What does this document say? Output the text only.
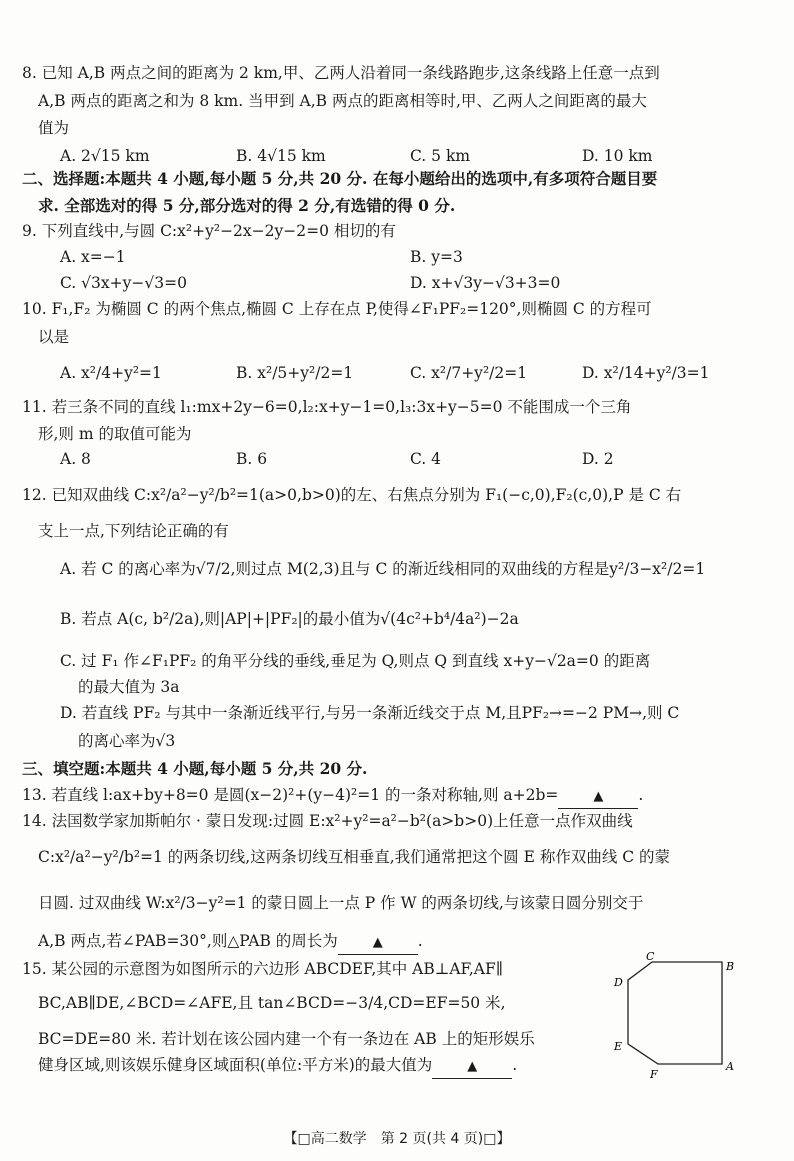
8. 已知 A,B 两点之间的距离为 2 km,甲、乙两人沿着同一条线路跑步,这条线路上任意一点到
A,B 两点的距离之和为 8 km. 当甲到 A,B 两点的距离相等时,甲、乙两人之间距离的最大
值为
A. 2√15 km	B. 4√15 km	C. 5 km	D. 10 km
二、选择题:本题共 4 小题,每小题 5 分,共 20 分. 在每小题给出的选项中,有多项符合题目要
求. 全部选对的得 5 分,部分选对的得 2 分,有选错的得 0 分.
9. 下列直线中,与圆 C:x²+y²−2x−2y−2=0 相切的有
A. x=−1	B. y=3
C. √3x+y−√3=0	D. x+√3y−√3+3=0
10. F₁,F₂ 为椭圆 C 的两个焦点,椭圆 C 上存在点 P,使得∠F₁PF₂=120°,则椭圆 C 的方程可
以是
A. x²/4+y²=1	B. x²/5+y²/2=1	C. x²/7+y²/2=1	D. x²/14+y²/3=1
11. 若三条不同的直线 l₁:mx+2y−6=0,l₂:x+y−1=0,l₃:3x+y−5=0 不能围成一个三角
形,则 m 的取值可能为
A. 8	B. 6	C. 4	D. 2
12. 已知双曲线 C:x²/a²−y²/b²=1(a>0,b>0)的左、右焦点分别为 F₁(−c,0),F₂(c,0),P 是 C 右
支上一点,下列结论正确的有
A. 若 C 的离心率为√7/2,则过点 M(2,3)且与 C 的渐近线相同的双曲线的方程是y²/3−x²/2=1
B. 若点 A(c, b²/2a),则|AP|+|PF₂|的最小值为√(4c²+b⁴/4a²)−2a
C. 过 F₁ 作∠F₁PF₂ 的角平分线的垂线,垂足为 Q,则点 Q 到直线 x+y−√2a=0 的距离
的最大值为 3a
D. 若直线 PF₂ 与其中一条渐近线平行,与另一条渐近线交于点 M,且PF₂→=−2 PM→,则 C
的离心率为√3
三、填空题:本题共 4 小题,每小题 5 分,共 20 分.
13. 若直线 l:ax+by+8=0 是圆(x−2)²+(y−4)²=1 的一条对称轴,则 a+2b=	▲ .
14. 法国数学家加斯帕尔 · 蒙日发现:过圆 E:x²+y²=a²−b²(a>b>0)上任意一点作双曲线
C:x²/a²−y²/b²=1 的两条切线,这两条切线互相垂直,我们通常把这个圆 E 称作双曲线 C 的蒙
日圆. 过双曲线 W:x²/3−y²=1 的蒙日圆上一点 P 作 W 的两条切线,与该蒙日圆分别交于
A,B 两点,若∠PAB=30°,则△PAB 的周长为	▲ .
15. 某公园的示意图为如图所示的六边形 ABCDEF,其中 AB⊥AF,AF∥
BC,AB∥DE,∠BCD=∠AFE,且 tan∠BCD=−3/4,CD=EF=50 米,
BC=DE=80 米. 若计划在该公园内建一个有一条边在 AB 上的矩形娱乐
健身区域,则该娱乐健身区域面积(单位:平方米)的最大值为	▲ .
C
B
D
E
A
F
【□高二数学　第 2 页(共 4 页)□】
